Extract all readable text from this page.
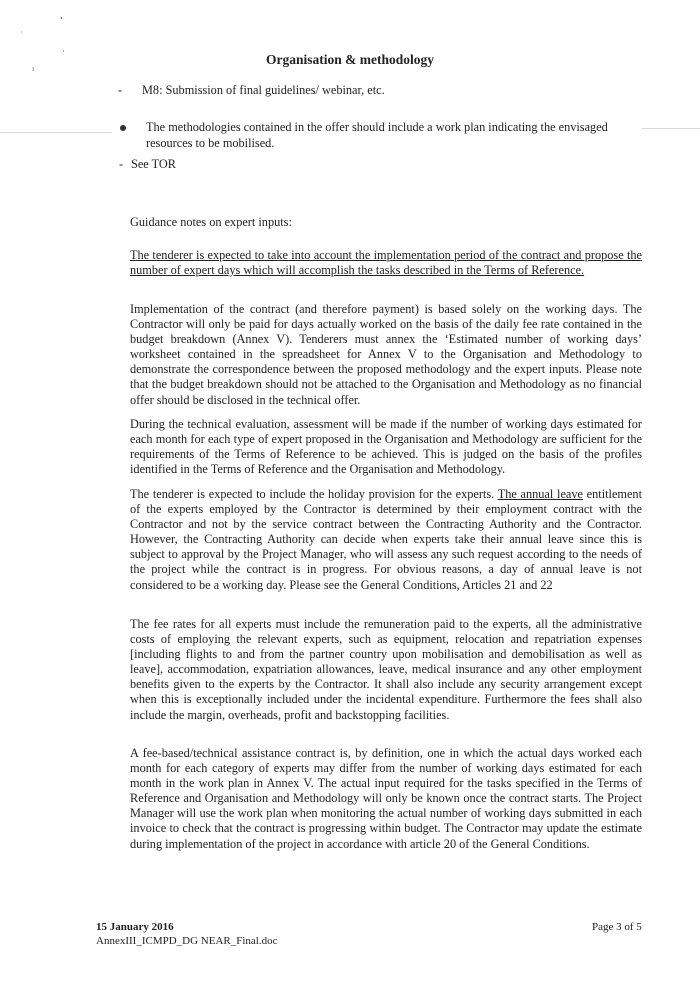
•
·
›
ı
Organisation & methodology
- M8: Submission of final guidelines/ webinar, etc.
The methodologies contained in the offer should include a work plan indicating the envisaged
resources to be mobilised.
- See TOR
Guidance notes on expert inputs:

The tenderer is expected to take into account the implementation period of the contract and propose the number of expert days which will accomplish the tasks described in the Terms of Reference.

Implementation of the contract (and therefore payment) is based solely on the working days. The Contractor will only be paid for days actually worked on the basis of the daily fee rate contained in the budget breakdown (Annex V). Tenderers must annex the ‘Estimated number of working days’ worksheet contained in the spreadsheet for Annex V to the Organisation and Methodology to demonstrate the correspondence between the proposed methodology and the expert inputs. Please note that the budget breakdown should not be attached to the Organisation and Methodology as no financial offer should be disclosed in the technical offer.

During the technical evaluation, assessment will be made if the number of working days estimated for each month for each type of expert proposed in the Organisation and Methodology are sufficient for the requirements of the Terms of Reference to be achieved. This is judged on the basis of the profiles identified in the Terms of Reference and the Organisation and Methodology.

The tenderer is expected to include the holiday provision for the experts. The annual leave entitlement of the experts employed by the Contractor is determined by their employment contract with the Contractor and not by the service contract between the Contracting Authority and the Contractor. However, the Contracting Authority can decide when experts take their annual leave since this is subject to approval by the Project Manager, who will assess any such request according to the needs of the project while the contract is in progress. For obvious reasons, a day of annual leave is not considered to be a working day. Please see the General Conditions, Articles 21 and 22

The fee rates for all experts must include the remuneration paid to the experts, all the administrative costs of employing the relevant experts, such as equipment, relocation and repatriation expenses [including flights to and from the partner country upon mobilisation and demobilisation as well as leave], accommodation, expatriation allowances, leave, medical insurance and any other employment benefits given to the experts by the Contractor. It shall also include any security arrangement except when this is exceptionally included under the incidental expenditure. Furthermore the fees shall also include the margin, overheads, profit and backstopping facilities.

A fee-based/technical assistance contract is, by definition, one in which the actual days worked each month for each category of experts may differ from the number of working days estimated for each month in the work plan in Annex V. The actual input required for the tasks specified in the Terms of Reference and Organisation and Methodology will only be known once the contract starts. The Project Manager will use the work plan when monitoring the actual number of working days submitted in each invoice to check that the contract is progressing within budget. The Contractor may update the estimate during implementation of the project in accordance with article 20 of the General Conditions.

15 January 2016
AnnexIII_ICMPD_DG NEAR_Final.doc
Page 3 of 5
